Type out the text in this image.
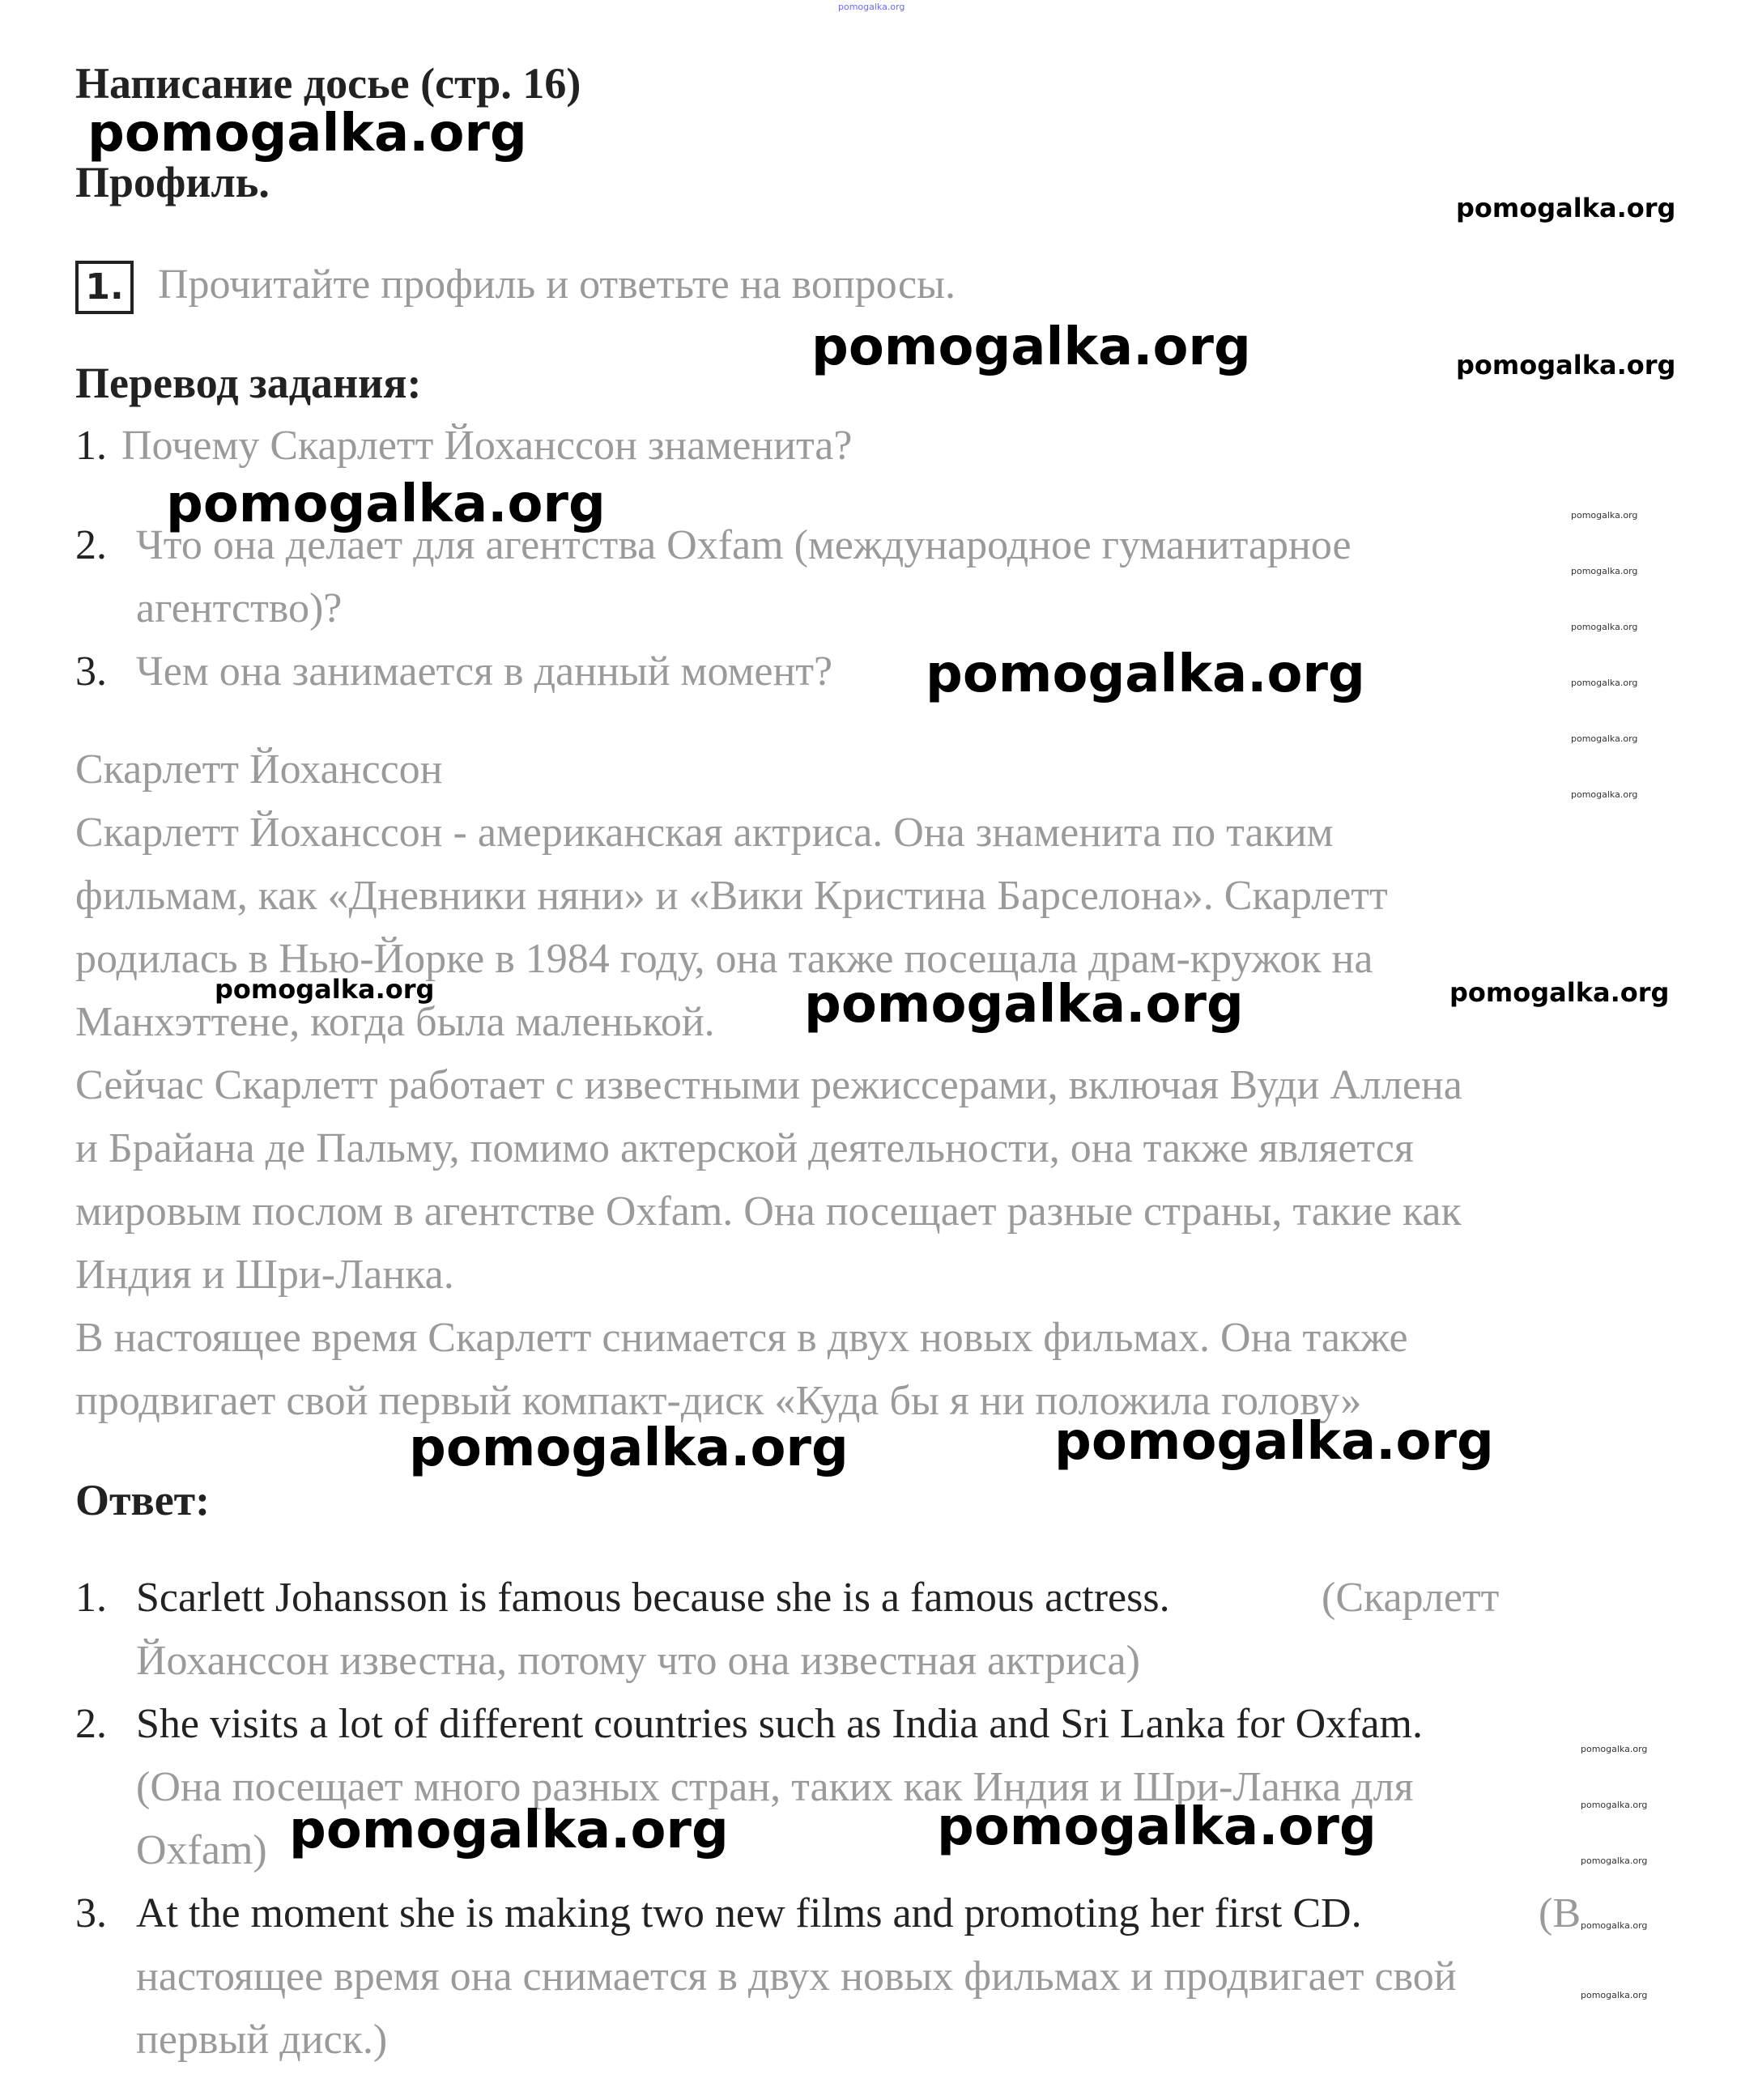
pomogalka.org
Написание досье (стр. 16)
Профиль.
1. Прочитайте профиль и ответьте на вопросы.
Перевод задания:
1. Почему Скарлетт Йоханссон знаменита?
2. Что она делает для агентства Oxfam (международное гуманитарное
агентство)?
3. Чем она занимается в данный момент?
Скарлетт Йоханссон
Скарлетт Йоханссон - американская актриса. Она знаменита по таким
фильмам, как «Дневники няни» и «Вики Кристина Барселона». Скарлетт
родилась в Нью-Йорке в 1984 году, она также посещала драм-кружок на
Манхэттене, когда была маленькой.
Сейчас Скарлетт работает с известными режиссерами, включая Вуди Аллена
и Брайана де Пальму, помимо актерской деятельности, она также является
мировым послом в агентстве Oxfam. Она посещает разные страны, такие как
Индия и Шри-Ланка.
В настоящее время Скарлетт снимается в двух новых фильмах. Она также
продвигает свой первый компакт-диск «Куда бы я ни положила голову»
Ответ:
1. Scarlett Johansson is famous because she is a famous actress.	(Скарлетт
Йоханссон известна, потому что она известная актриса)
2. She visits a lot of different countries such as India and Sri Lanka for Oxfam.
(Она посещает много разных стран, таких как Индия и Шри-Ланка для
Oxfam)
3. At the moment she is making two new films and promoting her first CD.	(В
настоящее время она снимается в двух новых фильмах и продвигает свой
первый диск.)
pomogalka.org
pomogalka.org
pomogalka.org
pomogalka.org
pomogalka.org
pomogalka.org	pomogalka.org
pomogalka.org	pomogalka.org
pomogalka.org
pomogalka.org
pomogalka.org	pomogalka.org
pomogalka.org
pomogalka.org
pomogalka.org
pomogalka.org
pomogalka.org
pomogalka.org
pomogalka.org
pomogalka.org
pomogalka.org
pomogalka.org
pomogalka.org
